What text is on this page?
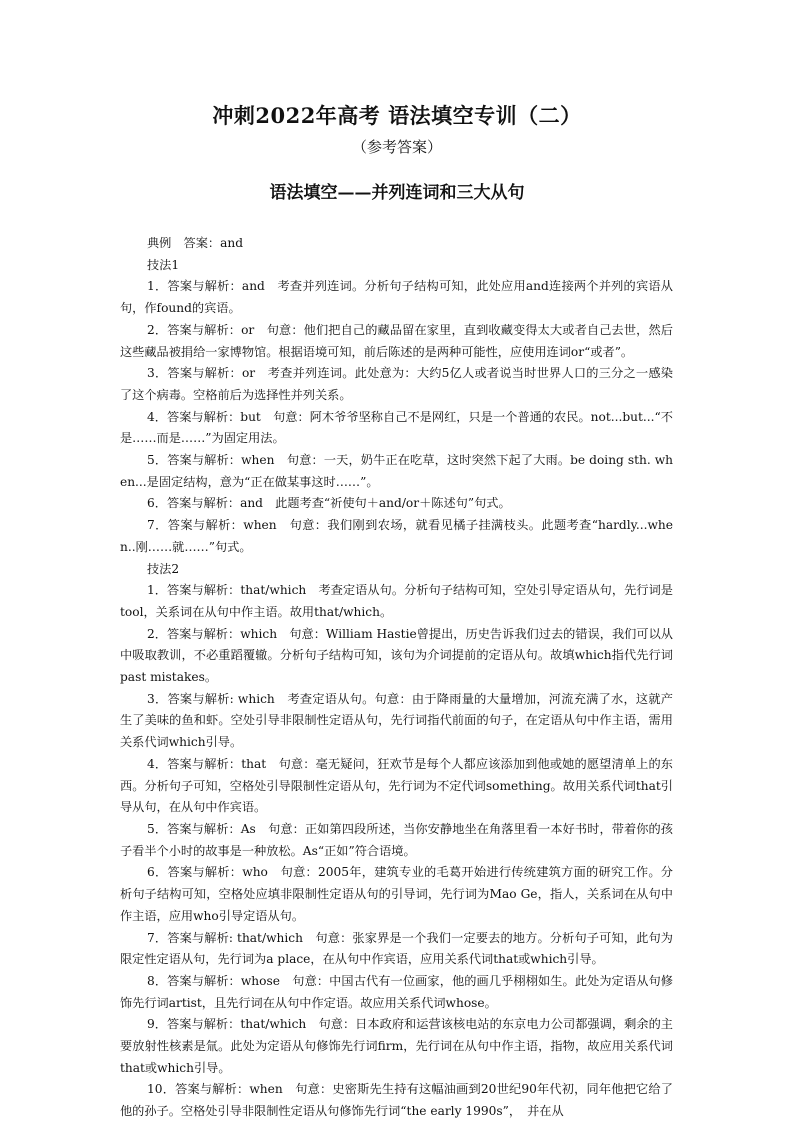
冲刺2022年高考 语法填空专训（二）
（参考答案）
语法填空——并列连词和三大从句

典例　答案：and

技法1

1．答案与解析：and　考查并列连词。分析句子结构可知，此处应用and连接两个并列的宾语从句，作found的宾语。

2．答案与解析：or　句意：他们把自己的藏品留在家里，直到收藏变得太大或者自己去世，然后这些藏品被捐给一家博物馆。根据语境可知，前后陈述的是两种可能性，应使用连词or“或者”。

3．答案与解析：or　考查并列连词。此处意为：大约5亿人或者说当时世界人口的三分之一感染了这个病毒。空格前后为选择性并列关系。

4．答案与解析：but　句意：阿木爷爷坚称自己不是网红，只是一个普通的农民。not...but...“不是……而是……”为固定用法。

5．答案与解析：when　句意：一天，奶牛正在吃草，这时突然下起了大雨。be doing sth. when...是固定结构，意为“正在做某事这时……”。

6．答案与解析：and　此题考查“祈使句＋and/or＋陈述句”句式。

7．答案与解析：when　句意：我们刚到农场，就看见橘子挂满枝头。此题考查“hardly...when..刚……就……”句式。

技法2

1．答案与解析：that/which　考查定语从句。分析句子结构可知，空处引导定语从句，先行词是tool，关系词在从句中作主语。故用that/which。

2．答案与解析：which　句意：William Hastie曾提出，历史告诉我们过去的错误，我们可以从中吸取教训，不必重蹈覆辙。分析句子结构可知，该句为介词提前的定语从句。故填which指代先行词past mistakes。

3．答案与解析: which　考查定语从句。句意：由于降雨量的大量增加，河流充满了水，这就产生了美味的鱼和虾。空处引导非限制性定语从句，先行词指代前面的句子，在定语从句中作主语，需用关系代词which引导。

4．答案与解析：that　句意：毫无疑问，狂欢节是每个人都应该添加到他或她的愿望清单上的东西。分析句子可知，空格处引导限制性定语从句，先行词为不定代词something。故用关系代词that引导从句，在从句中作宾语。

5．答案与解析：As　句意：正如第四段所述，当你安静地坐在角落里看一本好书时，带着你的孩子看半个小时的故事是一种放松。As“正如”符合语境。

6．答案与解析：who　句意：2005年，建筑专业的毛葛开始进行传统建筑方面的研究工作。分析句子结构可知，空格处应填非限制性定语从句的引导词，先行词为Mao Ge，指人，关系词在从句中作主语，应用who引导定语从句。

7．答案与解析: that/which　句意：张家界是一个我们一定要去的地方。分析句子可知，此句为限定性定语从句，先行词为a place，在从句中作宾语，应用关系代词that或which引导。

8．答案与解析：whose　句意：中国古代有一位画家，他的画几乎栩栩如生。此处为定语从句修饰先行词artist，且先行词在从句中作定语。故应用关系代词whose。

9．答案与解析：that/which　句意：日本政府和运营该核电站的东京电力公司都强调，剩余的主要放射性核素是氚。此处为定语从句修饰先行词firm，先行词在从句中作主语，指物，故应用关系代词that或which引导。

10．答案与解析：when　句意：史密斯先生持有这幅油画到20世纪90年代初，同年他把它给了他的孙子。空格处引导非限制性定语从句修饰先行词“the early 1990s”，　并在从
